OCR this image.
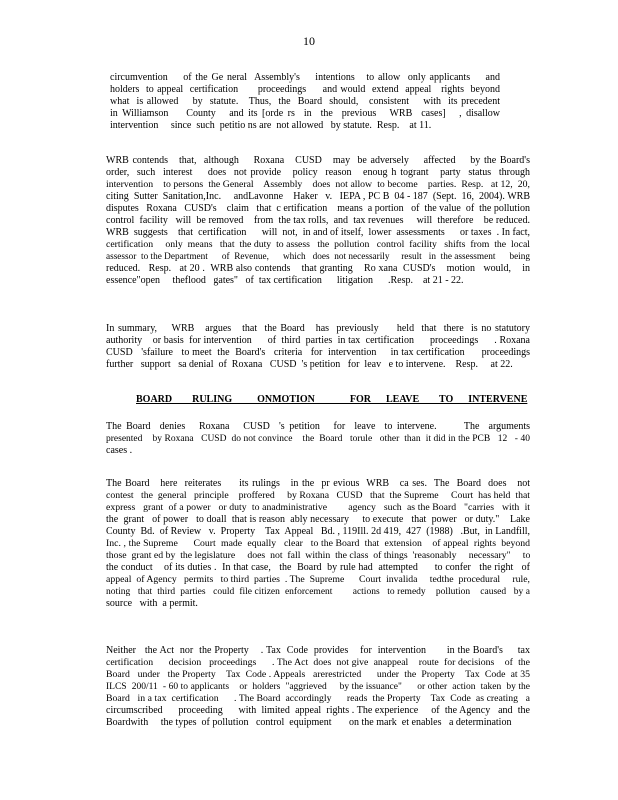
10
circumvention    of the Ge neral  Assembly's    intentions   to allow  only applicants    and
holders  to appeal  certification      proceedings     and would  extend  appeal   rights  beyond
what  is allowed    by  statute.   Thus,  the  Board  should,   consistent    with  its precedent
in Williamson    County   and its [orde rs  in  the  previous   WRB  cases]   , disallow
intervention     since  such  petitio ns are  not allowed   by statute.  Resp.    at 11.
WRB contends   that,  although    Roxana   CUSD   may  be adversely    affected    by the Board's
order,  such  interest    does  not provide   policy  reason   enoug h togrant   party  status  through
intervention    to persons  the General    Assembly    does  not allow  to become    parties.  Resp.   at 12,  20,
citing  Sutter  Sanitation,Inc.     andLavonne    Haker   v.   IEPA , PC B  04 - 187  (Sept.  16,  2004). WRB
disputes   Roxana   CUSD's    claim   that  c ertification    means  a portion   of  the value  of  the pollution
control  facility   will  be removed    from  the tax rolls,  and  tax revenues     will  therefore    be reduced.
WRB  suggests    that  certification      will  not,  in and of itself,  lower  assessments      or taxes  . In fact,
certification     only  means   that  the duty  to assess   the  pollution   control  facility   shifts  from  the  local
assessor  to the Department      of  Revenue,      which   does  not necessarily     result   in  the assessment      being
reduced.   Resp.   at 20 .  WRB also contends    that granting    Ro xana  CUSD's    motion   would,    in
essence"open     theflood   gates"   of  tax certification      litigation      .Resp.    at 21 - 22.
In summary,    WRB   argues   that  the Board   has  previously     held  that  there  is no statutory
authority    or basis  for intervention      of  third  parties  in tax  certification      proceedings      . Roxana
CUSD   'sfailure   to meet  the  Board's   criteria   for  intervention     in tax certification      proceedings
further   support   sa denial  of  Roxana   CUSD  's petition   for  leav   e to intervene.    Resp.     at 22.
BOARD        RULING          ONMOTION              FOR      LEAVE        TO      INTERVENE
The Board  denies   Roxana   CUSD  's petition   for  leave  to intervene.      The  arguments
presented    by Roxana   CUSD  do not convince    the  Board   torule   other  than  it did in the PCB   12   - 40
cases .
The Board   here  reiterates     its rulings   in the  pr evious  WRB   ca ses.  The  Board  does   not
contest   the  general   principle    proffered     by Roxana   CUSD   that  the Supreme     Court  has held  that
express   grant  of a power   or duty  to anadministrative        agency   such  as the Board   "carries   with  it
the  grant   of power   to doall  that is reason  ably necessary     to execute   that  power   or duty."    Lake
County  Bd.  of Review   v.  Property    Tax  Appeal   Bd. , 119Ill. 2d 419,  427  (1988)   .But,  in Landfill,
Inc. , the Supreme      Court  made  equally   clear   to the Board  that  extension    of appeal  rights  beyond
those  grant ed by  the legislature     does  not  fall  within  the class  of things  'reasonably     necessary"     to
the conduct    of its duties .  In that case,   the  Board  by rule had  attempted      to confer   the right   of
appeal  of Agency   permits   to third  parties  . The  Supreme      Court  invalida     tedthe  procedural     rule,
noting   that  third  parties   could  file citizen  enforcement        actions   to remedy    pollution    caused   by a
source   with  a permit.
Neither   the Act  nor  the Property    . Tax  Code  provides    for  intervention       in the Board's     tax
certification      decision   proceedings      . The Act  does  not give  anappeal    route  for decisions    of  the
Board   under   the Property    Tax  Code . Appeals   arerestricted      under  the  Property    Tax  Code  at 35
ILCS  200/11  - 60 to applicants    or  holders  "aggrieved     by the issuance"      or other  action  taken  by the
Board   in a tax  certification      . The Board  accordingly      reads  the Property    Tax  Code  as creating   a
circumscribed      proceeding      with  limited  appeal  rights . The experience     of  the Agency   and  the
Boardwith     the types  of pollution   control  equipment       on the mark  et enables   a determination
